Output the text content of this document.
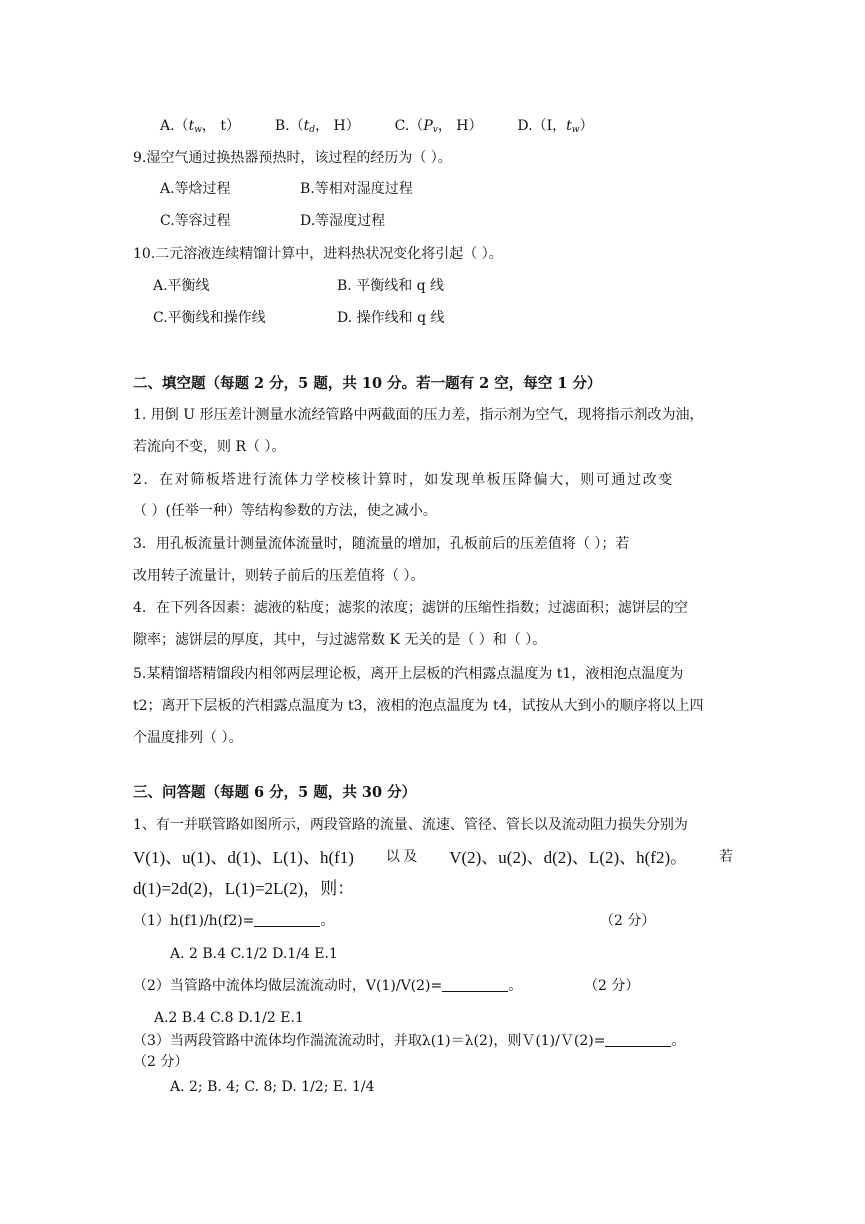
$A.(t_w$， t） $B.(t_d$， H） $C.(P_v$， H） D.（I，$t_w$）
9.湿空气通过换热器预热时，该过程的经历为（ ）。
A.等焓过程	B.等相对湿度过程
C.等容过程	D.等湿度过程
10.二元溶液连续精馏计算中，进料热状况变化将引起（ ）。
A.平衡线	B. 平衡线和 q 线
C.平衡线和操作线	D. 操作线和 q 线
二、填空题（每题 2 分，5 题，共 10 分。若一题有 2 空，每空 1 分）
1. 用倒 U 形压差计测量水流经管路中两截面的压力差，指示剂为空气，现将指示剂改为油，
若流向不变，则 R（ ）。
2．在对筛板塔进行流体力学校核计算时，如发现单板压降偏大，则可通过改变
（ ）(任举一种）等结构参数的方法，使之减小。
3．用孔板流量计测量流体流量时，随流量的增加，孔板前后的压差值将（ ）；若
改用转子流量计，则转子前后的压差值将（ ）。
4．在下列各因素：滤液的粘度；滤浆的浓度；滤饼的压缩性指数；过滤面积；滤饼层的空
隙率；滤饼层的厚度，其中，与过滤常数 K 无关的是（ ）和（ ）。
5.某精馏塔精馏段内相邻两层理论板，离开上层板的汽相露点温度为 t1，液相泡点温度为
t2；离开下层板的汽相露点温度为 t3，液相的泡点温度为 t4，试按从大到小的顺序将以上四
个温度排列（ ）。
三、问答题（每题 6 分，5 题，共 30 分）
1、有一并联管路如图所示，两段管路的流量、流速、管径、管长以及流动阻力损失分别为
V(1)、u(1)、d(1)、L(1)、h(f1) 以 及 V(2)、u(2)、d(2)、L(2)、h(f2)。 若
d(1)=2d(2)，L(1)=2L(2)，则：
（1）h(f1)/h(f2)=	。	（2 分）
A. 2 B.4 C.1/2 D.1/4 E.1
（2）当管路中流体均做层流流动时，V(1)/V(2)=	。	（2 分）
A.2 B.4 C.8 D.1/2 E.1
（3）当两段管路中流体均作湍流流动时，并取λ(1)＝λ(2)，则Ｖ(1)/Ｖ(2)=	。
（2 分）
A. 2; B. 4; C. 8; D. 1/2; E. 1/4
